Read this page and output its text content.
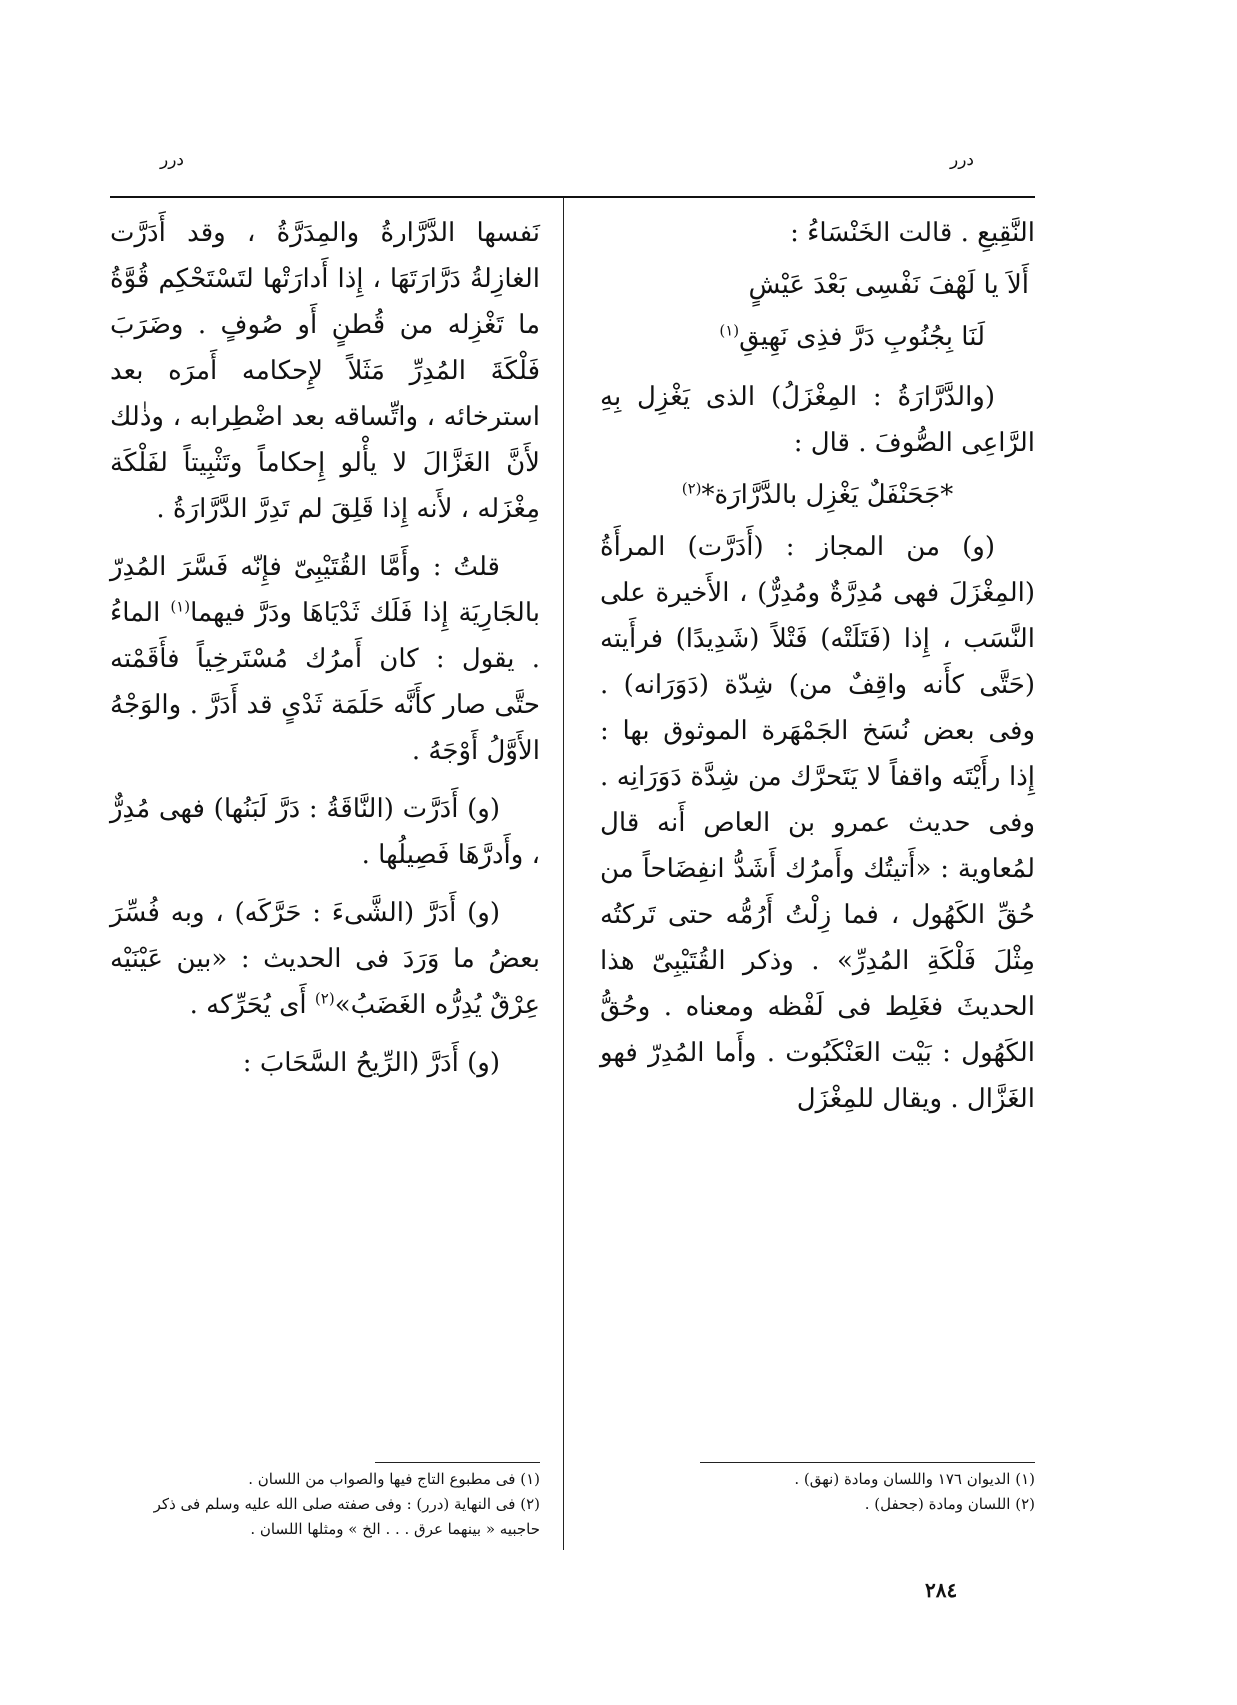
درر	درر

النَّقِيعِ . قالت الخَنْسَاءُ :

أَلاَ يا لَهْفَ نَفْسِى بَعْدَ عَيْشٍ

لَنَا بِجُنُوبِ دَرَّ فذِى نَهِيقِ$^{(١)}$

(والدَّرَّارَةُ : المِغْزَلُ) الذى يَغْزِل بِهِ الرَّاعِى الصُّوفَ . قال :

*جَحَنْفَلٌ يَغْزِل بالدَّرَّارَة*$^{(٢)}$

(و) من المجاز : (أَدَرَّت) المرأَةُ (المِغْزَلَ فهى مُدِرَّةٌ ومُدِرٌّ) ، الأَخيرة على النَّسَب ، إِذا (فَتَلَتْه) فَتْلاً (شَدِيدًا) فرأَيته (حَتَّى كأَنه واقِفٌ من) شِدّة (دَوَرَانه) . وفى بعض نُسَخ الجَمْهَرة الموثوق بها : إِذا رأَيْتَه واقفاً لا يَتَحرَّك من شِدَّة دَوَرَانِه . وفى حديث عمرو بن العاص أَنه قال لمُعاوية : «أَتيتُك وأَمرُك أَشَدُّ انفِضَاحاً من حُقِّ الكَهُول ، فما زِلْتُ أَرُمُّه حتى تَركتُه مِثْلَ فَلْكَةِ المُدِرِّ» . وذكر القُتَيْبِىّ هذا الحديثَ فغَلِط فى لَفْظه ومعناه . وحُقُّ الكَهُول : بَيْت العَنْكَبُوت . وأَما المُدِرّ فهو الغَزَّال . ويقال للمِغْزَل

نَفسها الدَّرَّارةُ والمِدَرَّةُ ، وقد أَدَرَّت الغازِلةُ دَرَّارَتَهَا ، إِذا أَدارَتْها لتَسْتَحْكِم قُوَّةُ ما تَغْزِله من قُطنٍ أَو صُوفٍ . وضَرَبَ فَلْكَةَ المُدِرِّ مَثَلاً لإِحكامه أَمرَه بعد استرخائه ، واتِّساقه بعد اضْطِرابه ، وذٰلك لأَنَّ الغَزَّالَ لا يأْلو إِحكاماً وتَثْبِيتاً لفَلْكَة مِغْزَله ، لأَنه إِذا قَلِقَ لم تَدِرَّ الدَّرَّارَةُ .

قلتُ : وأَمَّا القُتَيْبِىّ فإِنّه فَسَّرَ المُدِرّ بالجَارِيَة إِذا فَلَك ثَدْيَاهَا ودَرَّ فيهما$^{(١)}$ الماءُ . يقول : كان أَمرُك مُسْتَرخِياً فأَقَمْته حتَّى صار كأَنَّه حَلَمَة ثَدْىٍ قد أَدَرَّ . والوَجْهُ الأَوَّلُ أَوْجَهُ .

(و) أَدَرَّت (النَّاقَةُ : دَرَّ لَبَنُها) فهى مُدِرٌّ ، وأَدرَّهَا فَصِيلُها .

(و) أَدَرَّ (الشَّىءَ : حَرَّكَه) ، وبه فُسِّرَ بعضُ ما وَرَدَ فى الحديث : «بين عَيْنَيْه عِرْقٌ يُدِرُّه الغَضَبُ»$^{(٢)}$ أَى يُحَرِّكه .

(و) أَدَرَّ (الرِّيحُ السَّحَابَ :

(١) فى مطبوع التاج فيها والصواب من اللسان .

(٢) فى النهاية (درر) : وفى صفته صلى الله عليه وسلم فى ذكر حاجبيه « بينهما عرق . . . الخ » ومثلها اللسان .

(١) الديوان ١٧٦ واللسان ومادة (نهق) .

(٢) اللسان ومادة (جحفل) .

٢٨٤
